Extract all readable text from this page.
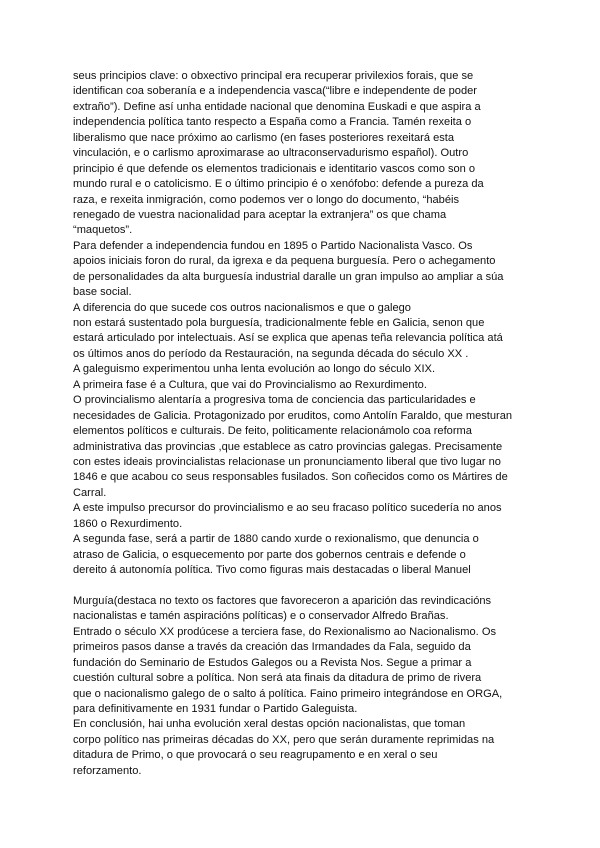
seus principios clave: o obxectivo principal era recuperar privilexios forais, que se
identifican coa soberanía e a independencia vasca(“libre e independente de poder
extraño”). Define así unha entidade nacional que denomina Euskadi e que aspira a
independencia política tanto respecto a España como a Francia. Tamén rexeita o
liberalismo que nace próximo ao carlismo (en fases posteriores rexeitará esta
vinculación, e o carlismo aproximarase ao ultraconservadurismo español). Outro
principio é que defende os elementos tradicionais e identitario vascos como son o
mundo rural e o catolicismo. E o último principio é o xenófobo: defende a pureza da
raza, e rexeita inmigración, como podemos ver o longo do documento, “habéis
renegado de vuestra nacionalidad para aceptar la extranjera” os que chama
“maquetos”.
Para defender a independencia fundou en 1895 o Partido Nacionalista Vasco. Os
apoios iniciais foron do rural, da igrexa e da pequena burguesía. Pero o achegamento
de personalidades da alta burguesía industrial daralle un gran impulso ao ampliar a súa
base social.
A diferencia do que sucede cos outros nacionalismos e que o galego
non estará sustentado pola burguesía, tradicionalmente feble en Galicia, senon que
estará articulado por intelectuais. Así se explica que apenas teña relevancia política atá
os últimos anos do período da Restauración, na segunda década do século XX .
A galeguismo experimentou unha lenta evolución ao longo do século XIX.
A primeira fase é a Cultura, que vai do Provincialismo ao Rexurdimento.
O provincialismo alentaría a progresiva toma de conciencia das particularidades e
necesidades de Galicia. Protagonizado por eruditos, como Antolín Faraldo, que mesturan
elementos políticos e culturais. De feito, politicamente relacionámolo coa reforma
administrativa das provincias ,que establece as catro provincias galegas. Precisamente
con estes ideais provincialistas relacionase un pronunciamento liberal que tivo lugar no
1846 e que acabou co seus responsables fusilados. Son coñecidos como os Mártires de
Carral.
A este impulso precursor do provincialismo e ao seu fracaso político sucedería no anos
1860 o Rexurdimento.
A segunda fase, será a partir de 1880 cando xurde o rexionalismo, que denuncia o
atraso de Galicia, o esquecemento por parte dos gobernos centrais e defende o
dereito á autonomía política. Tivo como figuras mais destacadas o liberal Manuel
Murguía(destaca no texto os factores que favoreceron a aparición das revindicacións
nacionalistas e tamén aspiracións políticas) e o conservador Alfredo Brañas.
Entrado o século XX prodúcese a terciera fase, do Rexionalismo ao Nacionalismo. Os
primeiros pasos danse a través da creación das Irmandades da Fala, seguido da
fundación do Seminario de Estudos Galegos ou a Revista Nos. Segue a primar a
cuestión cultural sobre a política. Non será ata finais da ditadura de primo de rivera
que o nacionalismo galego de o salto á política. Faino primeiro integrándose en ORGA,
para definitivamente en 1931 fundar o Partido Galeguista.
En conclusión, hai unha evolución xeral destas opción nacionalistas, que toman
corpo político nas primeiras décadas do XX, pero que serán duramente reprimidas na
ditadura de Primo, o que provocará o seu reagrupamento e en xeral o seu
reforzamento.
